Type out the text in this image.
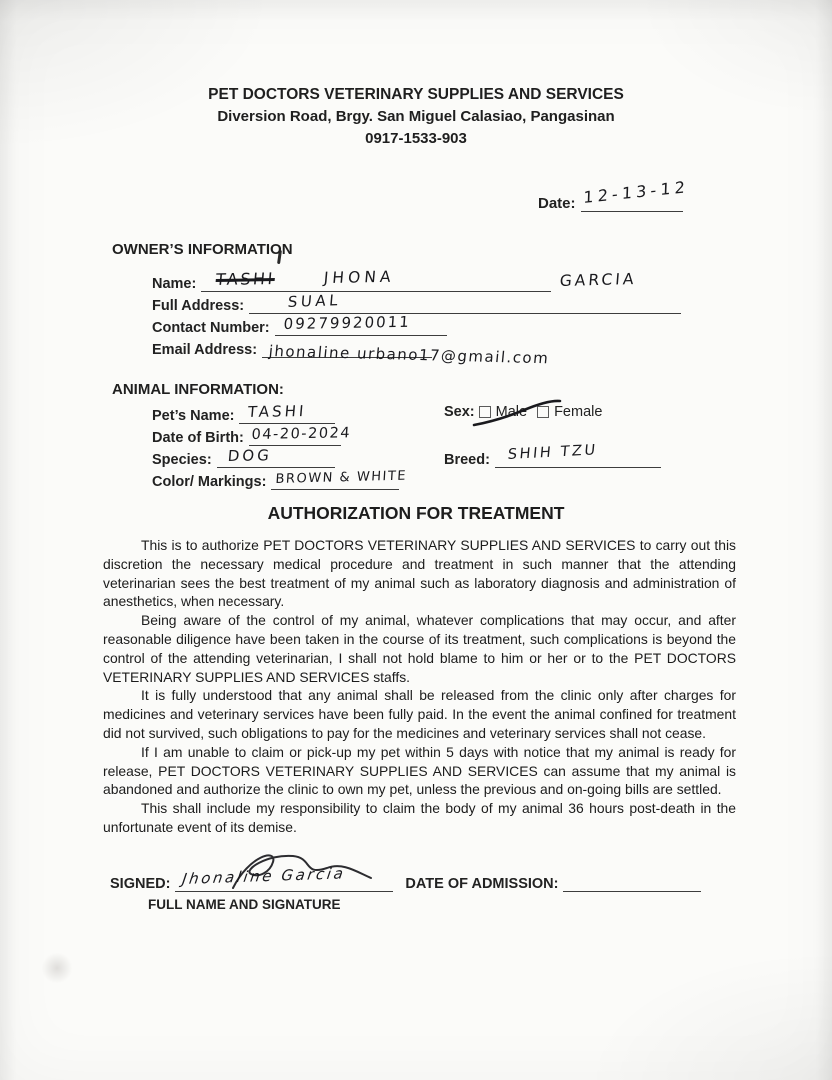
PET DOCTORS VETERINARY SUPPLIES AND SERVICES
Diversion Road, Brgy. San Miguel Calasiao, Pangasinan
0917-1533-903
Date: 12-13-12
OWNER’S INFORMATION
Name: TASHI	JHONA	GARCIA
Full Address:	SUAL
Contact Number: 09279920011
Email Address: jhonaline urbano17@gmail.com
ANIMAL INFORMATION:
Pet’s Name: TASHI	Sex: Male Female
Date of Birth: 04-20-2024
Species: DOG	Breed: SHIH TZU
Color/ Markings: BROWN & WHITE
AUTHORIZATION FOR TREATMENT

This is to authorize PET DOCTORS VETERINARY SUPPLIES AND SERVICES to carry out this discretion the necessary medical procedure and treatment in such manner that the attending veterinarian sees the best treatment of my animal such as laboratory diagnosis and administration of anesthetics, when necessary.

Being aware of the control of my animal, whatever complications that may occur, and after reasonable diligence have been taken in the course of its treatment, such complications is beyond the control of the attending veterinarian, I shall not hold blame to him or her or to the PET DOCTORS VETERINARY SUPPLIES AND SERVICES staffs.

It is fully understood that any animal shall be released from the clinic only after charges for medicines and veterinary services have been fully paid. In the event the animal confined for treatment did not survived, such obligations to pay for the medicines and veterinary services shall not cease.

If I am unable to claim or pick-up my pet within 5 days with notice that my animal is ready for release, PET DOCTORS VETERINARY SUPPLIES AND SERVICES can assume that my animal is abandoned and authorize the clinic to own my pet, unless the previous and on-going bills are settled.

This shall include my responsibility to claim the body of my animal 36 hours post-death in the unfortunate event of its demise.

SIGNED: Jhonaline Garcia	DATE OF ADMISSION:
FULL NAME AND SIGNATURE
